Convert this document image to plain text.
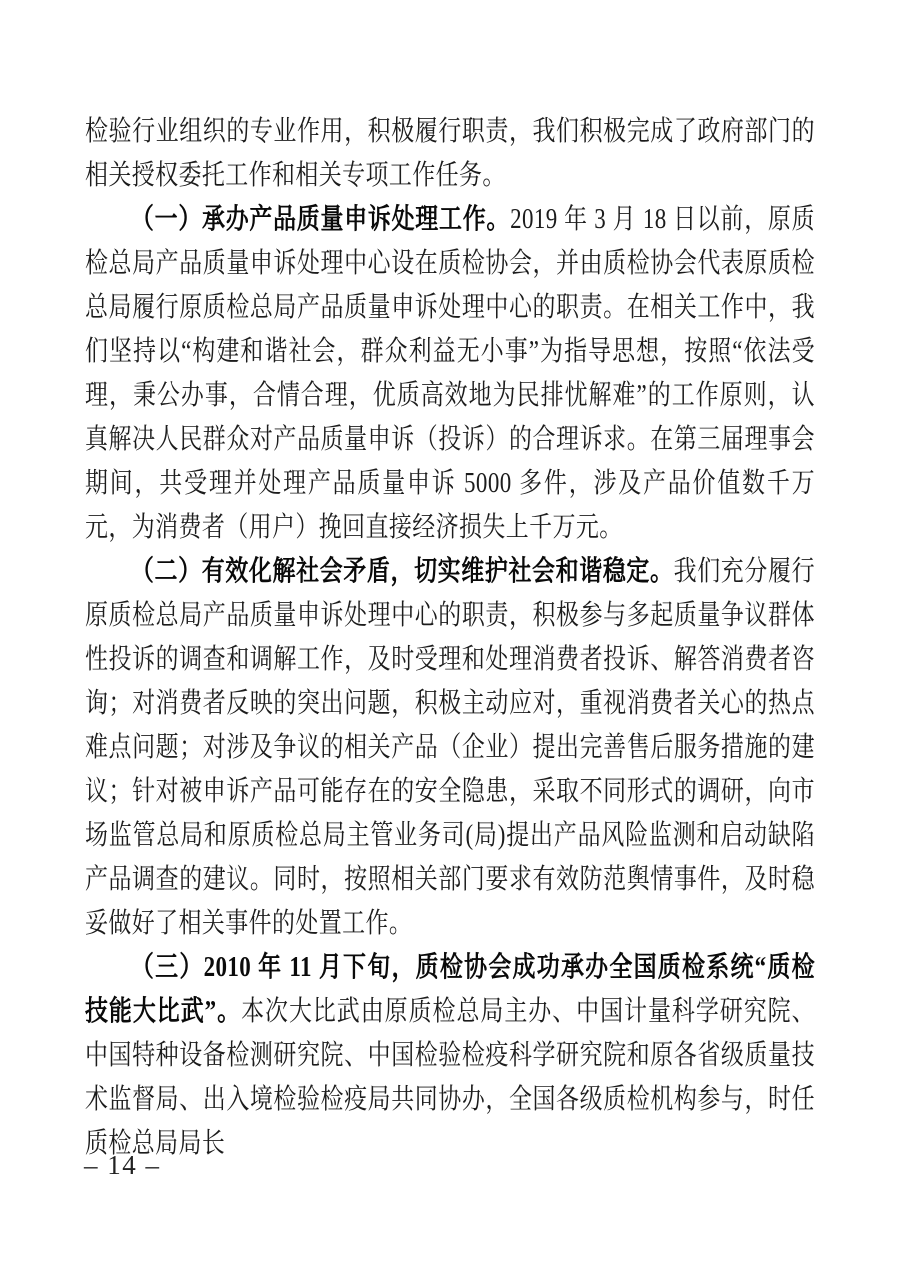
检验行业组织的专业作用，积极履行职责，我们积极完成了政府部门的相关授权委托工作和相关专项工作任务。

（一）承办产品质量申诉处理工作。2019 年 3 月 18 日以前，原质检总局产品质量申诉处理中心设在质检协会，并由质检协会代表原质检总局履行原质检总局产品质量申诉处理中心的职责。在相关工作中，我们坚持以“构建和谐社会，群众利益无小事”为指导思想，按照“依法受理，秉公办事，合情合理，优质高效地为民排忧解难”的工作原则，认真解决人民群众对产品质量申诉（投诉）的合理诉求。在第三届理事会期间，共受理并处理产品质量申诉 5000 多件，涉及产品价值数千万元，为消费者（用户）挽回直接经济损失上千万元。

（二）有效化解社会矛盾，切实维护社会和谐稳定。我们充分履行原质检总局产品质量申诉处理中心的职责，积极参与多起质量争议群体性投诉的调查和调解工作，及时受理和处理消费者投诉、解答消费者咨询；对消费者反映的突出问题，积极主动应对，重视消费者关心的热点难点问题；对涉及争议的相关产品（企业）提出完善售后服务措施的建议；针对被申诉产品可能存在的安全隐患，采取不同形式的调研，向市场监管总局和原质检总局主管业务司(局)提出产品风险监测和启动缺陷产品调查的建议。同时，按照相关部门要求有效防范舆情事件，及时稳妥做好了相关事件的处置工作。

（三）2010 年 11 月下旬，质检协会成功承办全国质检系统“质检技能大比武”。本次大比武由原质检总局主办、中国计量科学研究院、中国特种设备检测研究院、中国检验检疫科学研究院和原各省级质量技术监督局、出入境检验检疫局共同协办，全国各级质检机构参与，时任质检总局局长

– 14 –
